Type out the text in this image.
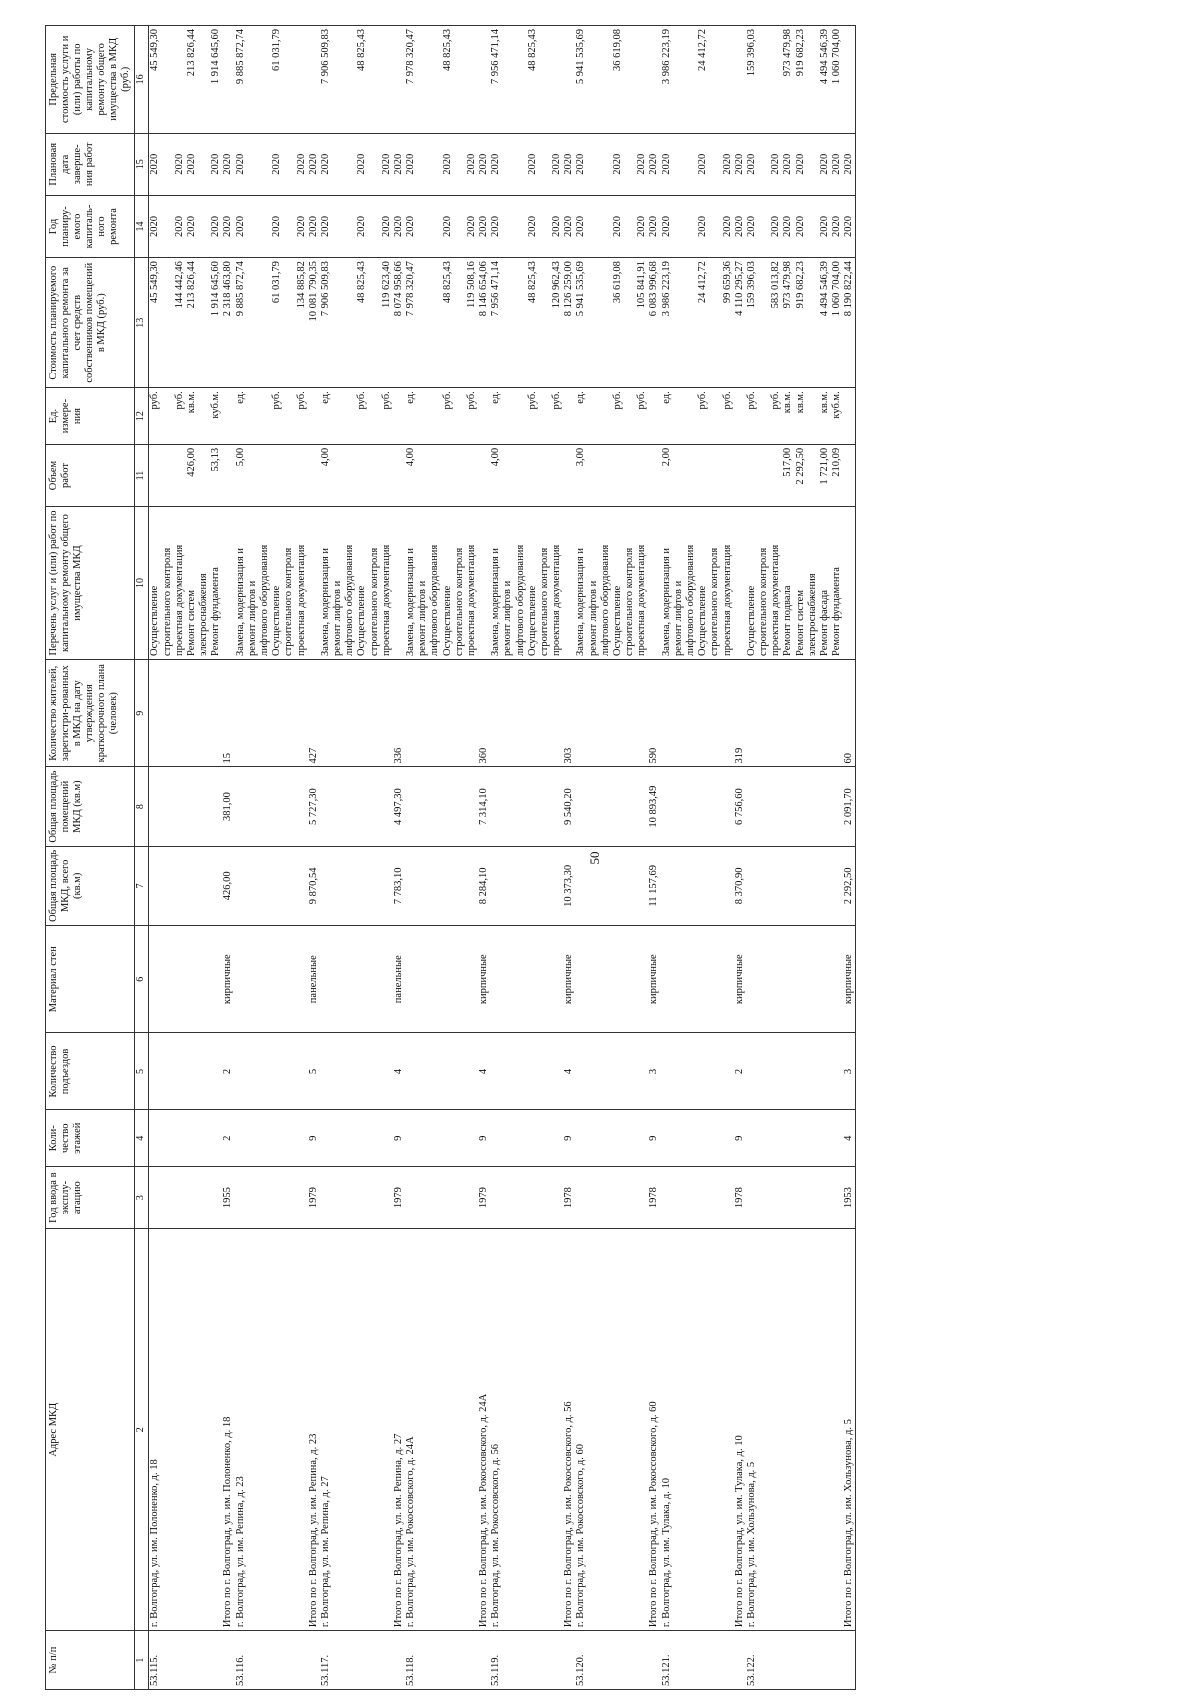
50
№ п/п	Адрес МКД	Год ввода в эксплу-атацию	Коли-чество этажей	Количество подъездов	Материал стен	Общая площадь МКД, всего (кв.м)	Общая площадь помещений МКД (кв.м)	Количество жителей, зарегистри-рованных в МКД на дату утверждения краткосрочного плана (человек)	Перечень услуг и (или) работ по капитальному ремонту общего имущества МКД	Объем работ	Ед. измере-ния	Стоимость планируемого капитального ремонта за счет средств собственников помещений в МКД (руб.)	Год планиру-емого капиталь-ного ремонта	Плановая дата заверше-ния работ	Предельная стоимость услуги и (или) работы по капитальному ремонту общего имущества в МКД (руб.)
1	2	3	4	5	6	7	8	9	10	11	12	13	14	15	16
53.115.	г. Волгоград, ул. им. Полоненко, д. 18								Осуществление		руб.	45 549,30	2020	2020	45 549,30
									строительного контроля						
									проектная документация		руб.	144 442,46	2020	2020	
									Ремонт систем	426,00	кв.м.	213 826,44	2020	2020	213 826,44
									электроснабжения						
									Ремонт фундамента	53,13	куб.м.	1 914 645,60	2020	2020	1 914 645,60
	Итого по г. Волгоград, ул. им. Полоненко, д. 18	1955	2	2	кирпичные	426,00	381,00	15				2 318 463,80	2020	2020	
53.116.	г. Волгоград, ул. им. Репина, д. 23								Замена, модернизация и	5,00	ед.	9 885 872,74	2020	2020	9 885 872,74
									ремонт лифтов и						
									лифтового оборудования						
									Осуществление		руб.	61 031,79	2020	2020	61 031,79
									строительного контроля						
									проектная документация		руб.	134 885,82	2020	2020	
	Итого по г. Волгоград, ул. им. Репина, д. 23	1979	9	5	панельные	9 870,54	5 727,30	427				10 081 790,35	2020	2020	
53.117.	г. Волгоград, ул. им. Репина, д. 27								Замена, модернизация и	4,00	ед.	7 906 509,83	2020	2020	7 906 509,83
									ремонт лифтов и						
									лифтового оборудования						
									Осуществление		руб.	48 825,43	2020	2020	48 825,43
									строительного контроля						
									проектная документация		руб.	119 623,40	2020	2020	
	Итого по г. Волгоград, ул. им. Репина, д. 27	1979	9	4	панельные	7 783,10	4 497,30	336				8 074 958,66	2020	2020	
53.118.	г. Волгоград, ул. им. Рокоссовского, д. 24А								Замена, модернизация и	4,00	ед.	7 978 320,47	2020	2020	7 978 320,47
									ремонт лифтов и						
									лифтового оборудования						
									Осуществление		руб.	48 825,43	2020	2020	48 825,43
									строительного контроля						
									проектная документация		руб.	119 508,16	2020	2020	
	Итого по г. Волгоград, ул. им. Рокоссовского, д. 24А	1979	9	4	кирпичные	8 284,10	7 314,10	360				8 146 654,06	2020	2020	
53.119.	г. Волгоград, ул. им. Рокоссовского, д. 56								Замена, модернизация и	4,00	ед.	7 956 471,14	2020	2020	7 956 471,14
									ремонт лифтов и						
									лифтового оборудования						
									Осуществление		руб.	48 825,43	2020	2020	48 825,43
									строительного контроля						
									проектная документация		руб.	120 962,43	2020	2020	
	Итого по г. Волгоград, ул. им. Рокоссовского, д. 56	1978	9	4	кирпичные	10 373,30	9 540,20	303				8 126 259,00	2020	2020	
53.120.	г. Волгоград, ул. им. Рокоссовского, д. 60								Замена, модернизация и	3,00	ед.	5 941 535,69	2020	2020	5 941 535,69
									ремонт лифтов и						
									лифтового оборудования						
									Осуществление		руб.	36 619,08	2020	2020	36 619,08
									строительного контроля						
									проектная документация		руб.	105 841,91	2020	2020	
	Итого по г. Волгоград, ул. им. Рокоссовского, д. 60	1978	9	3	кирпичные	11 157,69	10 893,49	590				6 083 996,68	2020	2020	
53.121.	г. Волгоград, ул. им. Тулака, д. 10								Замена, модернизация и	2,00	ед.	3 986 223,19	2020	2020	3 986 223,19
									ремонт лифтов и						
									лифтового оборудования						
									Осуществление		руб.	24 412,72	2020	2020	24 412,72
									строительного контроля						
									проектная документация		руб.	99 659,36	2020	2020	
	Итого по г. Волгоград, ул. им. Тулака, д. 10	1978	9	2	кирпичные	8 370,90	6 756,60	319				4 110 295,27	2020	2020	
53.122.	г. Волгоград, ул. им. Хользунова, д. 5								Осуществление		руб.	159 396,03	2020	2020	159 396,03
									строительного контроля						
									проектная документация		руб.	583 013,82	2020	2020	
									Ремонт подвала	517,00	кв.м.	973 479,98	2020	2020	973 479,98
									Ремонт систем	2 292,50	кв.м.	919 682,23	2020	2020	919 682,23
									электроснабжения						
									Ремонт фасада	1 721,00	кв.м.	4 494 546,39	2020	2020	4 494 546,39
									Ремонт фундамента	210,09	куб.м.	1 060 704,00	2020	2020	1 060 704,00
	Итого по г. Волгоград, ул. им. Хользунова, д. 5	1953	4	3	кирпичные	2 292,50	2 091,70	60				8 190 822,44	2020	2020	
